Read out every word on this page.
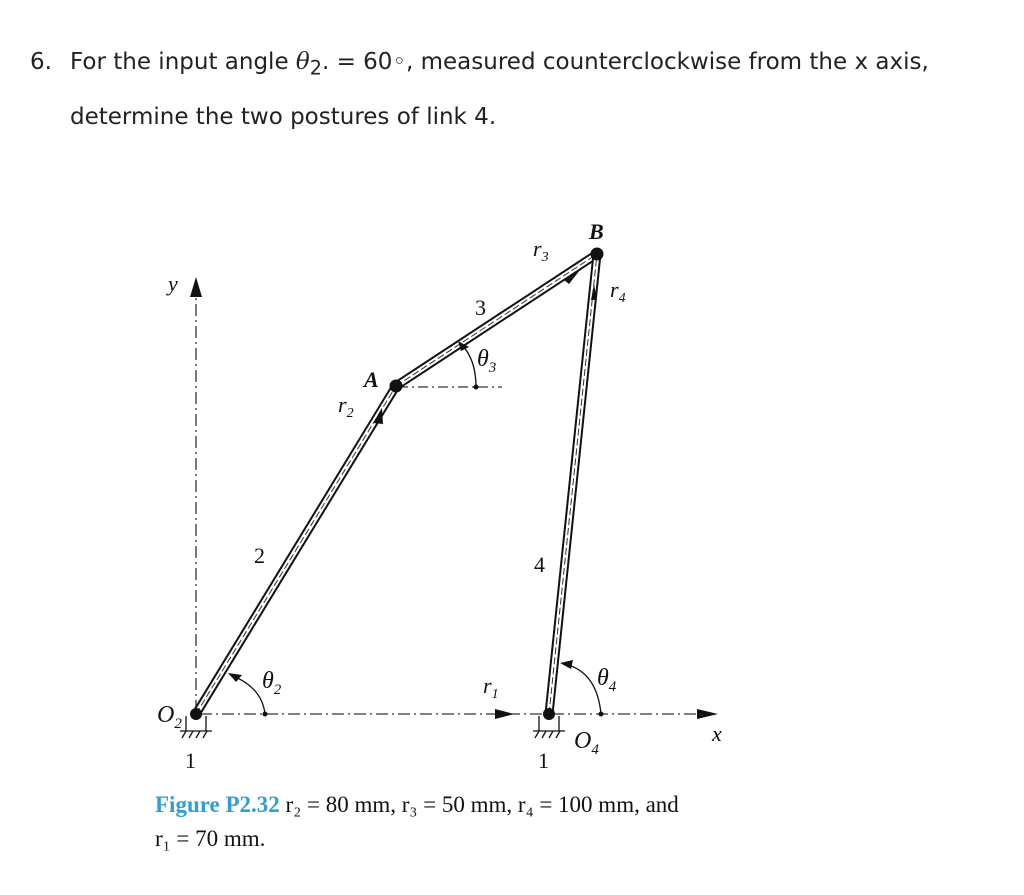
6. For the input angle $\theta_2$. = 60◦, measured counterclockwise from the x axis,
determine the two postures of link 4.
y
x
$O_2$
$O_4$
A
B
2
3
4
1	1
$r_1$
$r_2$
$r_3$
$r_4$
$\theta_2$
$\theta_3$
$\theta_4$
Figure P2.32 r₂ = 80 mm, r₃ = 50 mm, r₄ = 100 mm, and
r₁ = 70 mm.
